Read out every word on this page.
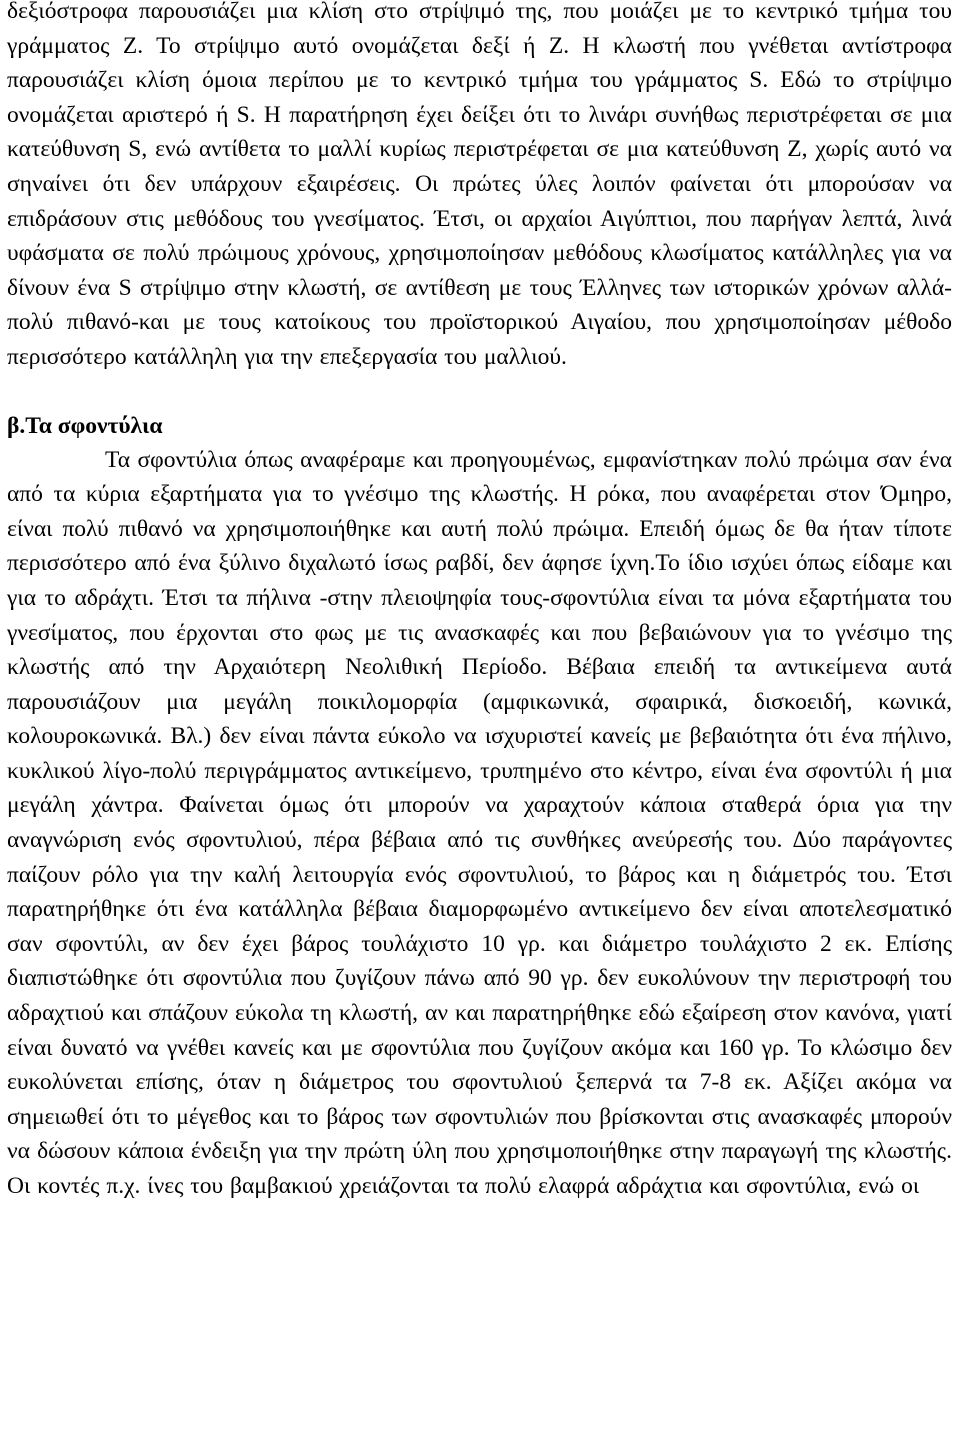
δεξιόστροφα παρουσιάζει μια κλίση στο στρίψιμό της, που μοιάζει με το κεντρικό τμήμα του γράμματος Ζ. Το στρίψιμο αυτό ονομάζεται δεξί ή Ζ. Η κλωστή που γνέθεται αντίστροφα παρουσιάζει κλίση όμοια περίπου με το κεντρικό τμήμα του γράμματος S. Εδώ το στρίψιμο ονομάζεται αριστερό ή S. Η παρατήρηση έχει δείξει ότι το λινάρι συνήθως περιστρέφεται σε μια κατεύθυνση S, ενώ αντίθετα το μαλλί κυρίως περιστρέφεται σε μια κατεύθυνση Ζ, χωρίς αυτό να σηναίνει ότι δεν υπάρχουν εξαιρέσεις. Οι πρώτες ύλες λοιπόν φαίνεται ότι μπορούσαν να επιδράσουν στις μεθόδους του γνεσίματος. Έτσι, οι αρχαίοι Αιγύπτιοι, που παρήγαν λεπτά, λινά υφάσματα σε πολύ πρώιμους χρόνους, χρησιμοποίησαν μεθόδους κλωσίματος κατάλληλες για να δίνουν ένα S στρίψιμο στην κλωστή, σε αντίθεση με τους Έλληνες των ιστορικών χρόνων αλλά-πολύ πιθανό-και με τους κατοίκους του προϊστορικού Αιγαίου, που χρησιμοποίησαν μέθοδο περισσότερο κατάλληλη για την επεξεργασία του μαλλιού.

β.Τα σφοντύλια

Τα σφοντύλια όπως αναφέραμε και προηγουμένως, εμφανίστηκαν πολύ πρώιμα σαν ένα από τα κύρια εξαρτήματα για το γνέσιμο της κλωστής. Η ρόκα, που αναφέρεται στον Όμηρο, είναι πολύ πιθανό να χρησιμοποιήθηκε και αυτή πολύ πρώιμα. Επειδή όμως δε θα ήταν τίποτε περισσότερο από ένα ξύλινο διχαλωτό ίσως ραβδί, δεν άφησε ίχνη.Το ίδιο ισχύει όπως είδαμε και για το αδράχτι. Έτσι τα πήλινα -στην πλειοψηφία τους-σφοντύλια είναι τα μόνα εξαρτήματα του γνεσίματος, που έρχονται στο φως με τις ανασκαφές και που βεβαιώνουν για το γνέσιμο της κλωστής από την Αρχαιότερη Νεολιθική Περίοδο. Βέβαια επειδή τα αντικείμενα αυτά παρουσιάζουν μια μεγάλη ποικιλομορφία (αμφικωνικά, σφαιρικά, δισκοειδή, κωνικά, κολουροκωνικά. Βλ.) δεν είναι πάντα εύκολο να ισχυριστεί κανείς με βεβαιότητα ότι ένα πήλινο, κυκλικού λίγο-πολύ περιγράμματος αντικείμενο, τρυπημένο στο κέντρο, είναι ένα σφοντύλι ή μια μεγάλη χάντρα. Φαίνεται όμως ότι μπορούν να χαραχτούν κάποια σταθερά όρια για την αναγνώριση ενός σφοντυλιού, πέρα βέβαια από τις συνθήκες ανεύρεσής του. Δύο παράγοντες παίζουν ρόλο για την καλή λειτουργία ενός σφοντυλιού, το βάρος και η διάμετρός του. Έτσι παρατηρήθηκε ότι ένα κατάλληλα βέβαια διαμορφωμένο αντικείμενο δεν είναι αποτελεσματικό σαν σφοντύλι, αν δεν έχει βάρος τουλάχιστο 10 γρ. και διάμετρο τουλάχιστο 2 εκ. Επίσης διαπιστώθηκε ότι σφοντύλια που ζυγίζουν πάνω από 90 γρ. δεν ευκολύνουν την περιστροφή του αδραχτιού και σπάζουν εύκολα τη κλωστή, αν και παρατηρήθηκε εδώ εξαίρεση στον κανόνα, γιατί είναι δυνατό να γνέθει κανείς και με σφοντύλια που ζυγίζουν ακόμα και 160 γρ. Το κλώσιμο δεν ευκολύνεται επίσης, όταν η διάμετρος του σφοντυλιού ξεπερνά τα 7-8 εκ. Αξίζει ακόμα να σημειωθεί ότι το μέγεθος και το βάρος των σφοντυλιών που βρίσκονται στις ανασκαφές μπορούν να δώσουν κάποια ένδειξη για την πρώτη ύλη που χρησιμοποιήθηκε στην παραγωγή της κλωστής. Οι κοντές π.χ. ίνες του βαμβακιού χρειάζονται τα πολύ ελαφρά αδράχτια και σφοντύλια, ενώ οι
